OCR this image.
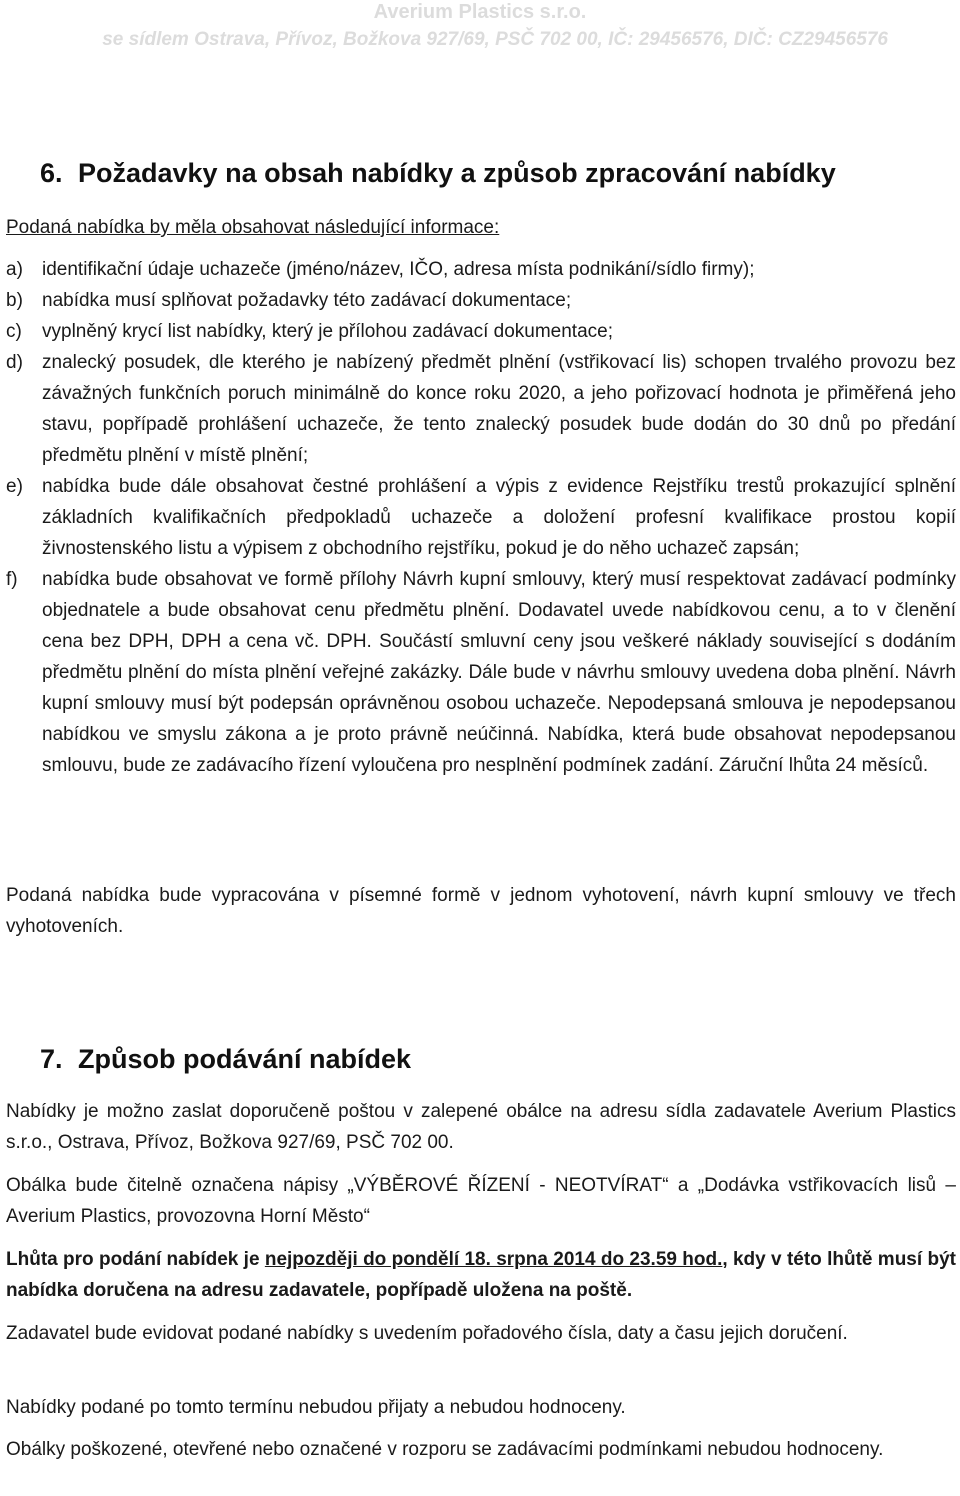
Averium Plastics s.r.o.
se sídlem Ostrava, Přívoz, Božkova 927/69, PSČ 702 00, IČ: 29456576, DIČ: CZ29456576
6. Požadavky na obsah nabídky a způsob zpracování nabídky
Podaná nabídka by měla obsahovat následující informace:
a) identifikační údaje uchazeče (jméno/název, IČO, adresa místa podnikání/sídlo firmy);
b) nabídka musí splňovat požadavky této zadávací dokumentace;
c) vyplněný krycí list nabídky, který je přílohou zadávací dokumentace;
d) znalecký posudek, dle kterého je nabízený předmět plnění (vstřikovací lis) schopen trvalého provozu bez závažných funkčních poruch minimálně do konce roku 2020, a jeho pořizovací hodnota je přiměřená jeho stavu, popřípadě prohlášení uchazeče, že tento znalecký posudek bude dodán do 30 dnů po předání předmětu plnění v místě plnění;
e) nabídka bude dále obsahovat čestné prohlášení a výpis z evidence Rejstříku trestů prokazující splnění základních kvalifikačních předpokladů uchazeče a doložení profesní kvalifikace prostou kopií živnostenského listu a výpisem z obchodního rejstříku, pokud je do něho uchazeč zapsán;
f) nabídka bude obsahovat ve formě přílohy Návrh kupní smlouvy, který musí respektovat zadávací podmínky objednatele a bude obsahovat cenu předmětu plnění. Dodavatel uvede nabídkovou cenu, a to v členění cena bez DPH, DPH a cena vč. DPH. Součástí smluvní ceny jsou veškeré náklady související s dodáním předmětu plnění do místa plnění veřejné zakázky. Dále bude v návrhu smlouvy uvedena doba plnění. Návrh kupní smlouvy musí být podepsán oprávněnou osobou uchazeče. Nepodepsaná smlouva je nepodepsanou nabídkou ve smyslu zákona a je proto právně neúčinná. Nabídka, která bude obsahovat nepodepsanou smlouvu, bude ze zadávacího řízení vyloučena pro nesplnění podmínek zadání. Záruční lhůta 24 měsíců.

Podaná nabídka bude vypracována v písemné formě v jednom vyhotovení, návrh kupní smlouvy ve třech vyhotoveních.

7. Způsob podávání nabídek

Nabídky je možno zaslat doporučeně poštou v zalepené obálce na adresu sídla zadavatele Averium Plastics s.r.o., Ostrava, Přívoz, Božkova 927/69, PSČ 702 00.

Obálka bude čitelně označena nápisy „VÝBĚROVÉ ŘÍZENÍ - NEOTVÍRAT“ a „Dodávka vstřikovacích lisů – Averium Plastics, provozovna Horní Město“

Lhůta pro podání nabídek je nejpozději do pondělí 18. srpna 2014 do 23.59 hod., kdy v této lhůtě musí být nabídka doručena na adresu zadavatele, popřípadě uložena na poště.

Zadavatel bude evidovat podané nabídky s uvedením pořadového čísla, daty a času jejich doručení.

Nabídky podané po tomto termínu nebudou přijaty a nebudou hodnoceny.

Obálky poškozené, otevřené nebo označené v rozporu se zadávacími podmínkami nebudou hodnoceny.
